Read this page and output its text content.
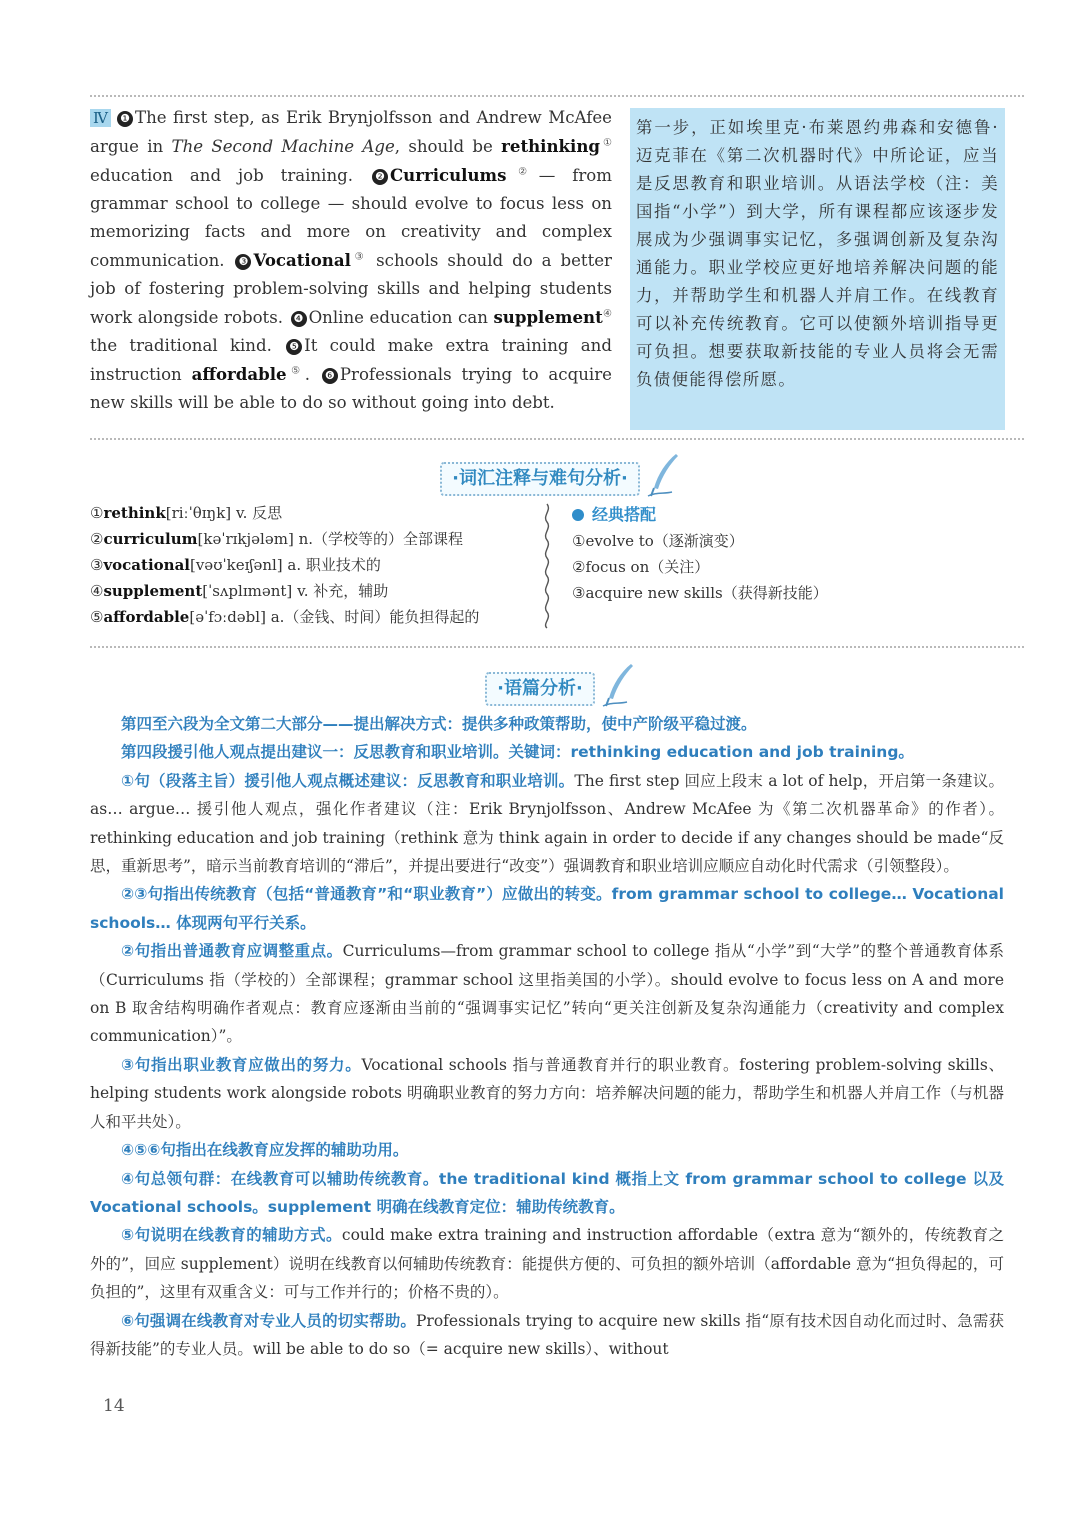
Ⅳ ❶ The first step, as Erik Brynjolfsson and Andrew McAfee argue in The Second Machine Age, should be rethinking① education and job training. ❷ Curriculums②— from grammar school to college — should evolve to focus less on memorizing facts and more on creativity and complex communication. ❸ Vocational③ schools should do a better job of fostering problem-solving skills and helping students work alongside robots. ❹ Online education can supplement④ the traditional kind. ❺ It could make extra training and instruction affordable⑤. ❻ Professionals trying to acquire new skills will be able to do so without going into debt.
第一步，正如埃里克·布莱恩约弗森和安德鲁·迈克菲在《第二次机器时代》中所论证，应当是反思教育和职业培训。从语法学校（注：美国指“小学”）到大学，所有课程都应该逐步发展成为少强调事实记忆，多强调创新及复杂沟通能力。职业学校应更好地培养解决问题的能力，并帮助学生和机器人并肩工作。在线教育可以补充传统教育。它可以使额外培训指导更可负担。想要获取新技能的专业人员将会无需负债便能得偿所愿。
·词汇注释与难句分析·
①rethink[riːˈθɪŋk] v. 反思
②curriculum[kəˈrɪkjələm] n.（学校等的）全部课程
③vocational[vəʊˈkeɪʃənl] a. 职业技术的
④supplement[ˈsʌplɪmənt] v. 补充，辅助
⑤affordable[əˈfɔːdəbl] a.（金钱、时间）能负担得起的
经典搭配
①evolve to（逐渐演变）
②focus on（关注）
③acquire new skills（获得新技能）
·语篇分析·

第四至六段为全文第二大部分——提出解决方式：提供多种政策帮助，使中产阶级平稳过渡。

第四段援引他人观点提出建议一：反思教育和职业培训。关键词：rethinking education and job training。

①句（段落主旨）援引他人观点概述建议：反思教育和职业培训。The first step 回应上段末 a lot of help，开启第一条建议。as… argue… 援引他人观点，强化作者建议（注：Erik Brynjolfsson、Andrew McAfee 为《第二次机器革命》的作者）。rethinking education and job training（rethink 意为 think again in order to decide if any changes should be made“反思，重新思考”，暗示当前教育培训的“滞后”，并提出要进行“改变”）强调教育和职业培训应顺应自动化时代需求（引领整段）。

②③句指出传统教育（包括“普通教育”和“职业教育”）应做出的转变。from grammar school to college… Vocational schools… 体现两句平行关系。

②句指出普通教育应调整重点。Curriculums—from grammar school to college 指从“小学”到“大学”的整个普通教育体系（Curriculums 指（学校的）全部课程；grammar school 这里指美国的小学）。should evolve to focus less on A and more on B 取舍结构明确作者观点：教育应逐渐由当前的“强调事实记忆”转向“更关注创新及复杂沟通能力（creativity and complex communication）”。

③句指出职业教育应做出的努力。Vocational schools 指与普通教育并行的职业教育。fostering problem-solving skills、helping students work alongside robots 明确职业教育的努力方向：培养解决问题的能力，帮助学生和机器人并肩工作（与机器人和平共处）。

④⑤⑥句指出在线教育应发挥的辅助功用。

④句总领句群：在线教育可以辅助传统教育。the traditional kind 概指上文 from grammar school to college 以及 Vocational schools。supplement 明确在线教育定位：辅助传统教育。

⑤句说明在线教育的辅助方式。could make extra training and instruction affordable（extra 意为“额外的，传统教育之外的”，回应 supplement）说明在线教育以何辅助传统教育：能提供方便的、可负担的额外培训（affordable 意为“担负得起的，可负担的”，这里有双重含义：可与工作并行的；价格不贵的）。

⑥句强调在线教育对专业人员的切实帮助。Professionals trying to acquire new skills 指“原有技术因自动化而过时、急需获得新技能”的专业人员。will be able to do so（= acquire new skills）、without

14
